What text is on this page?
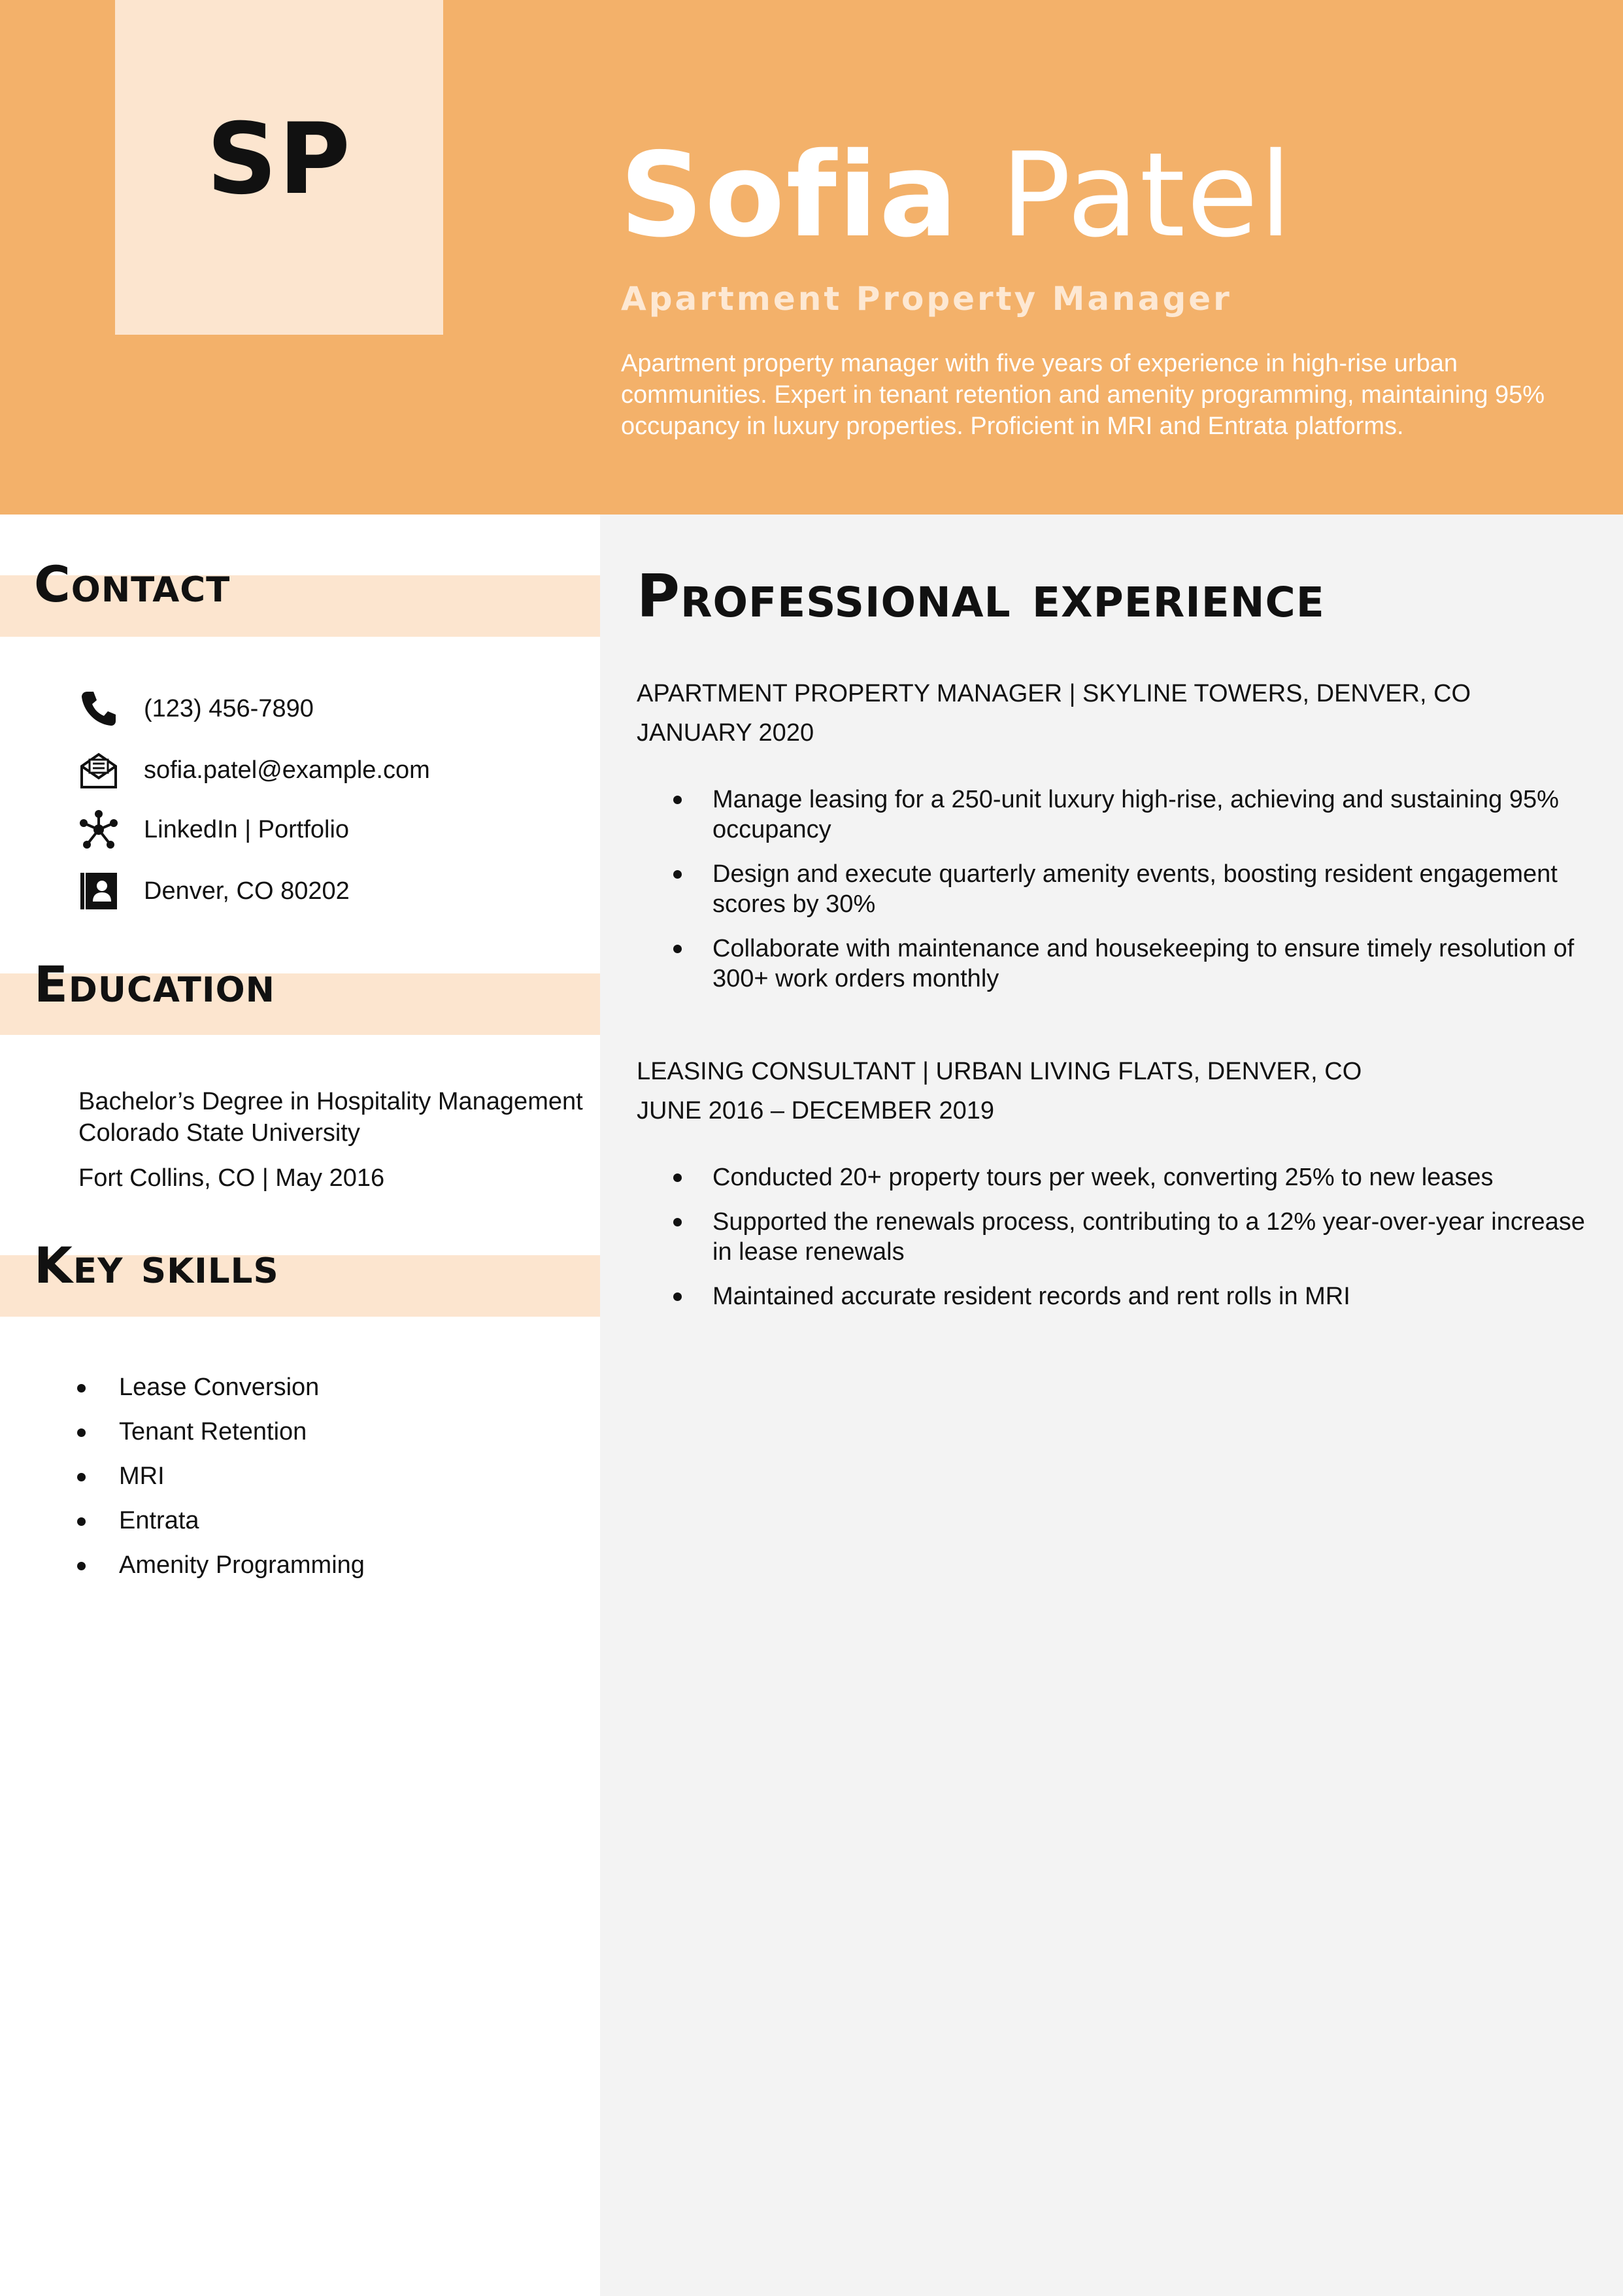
SP Sofia Patel
Apartment Property Manager
Apartment property manager with five years of experience in high-rise urban communities. Expert in tenant retention and amenity programming, maintaining 95% occupancy in luxury properties. Proficient in MRI and Entrata platforms.
Contact
(123) 456-7890
sofia.patel@example.com
LinkedIn | Portfolio
Denver, CO 80202
Education
Bachelor’s Degree in Hospitality Management Colorado State University
Fort Collins, CO | May 2016
Key skills
Lease Conversion
Tenant Retention
MRI
Entrata
Amenity Programming
Professional experience
APARTMENT PROPERTY MANAGER | SKYLINE TOWERS, DENVER, CO
JANUARY 2020
Manage leasing for a 250-unit luxury high-rise, achieving and sustaining 95% occupancy
Design and execute quarterly amenity events, boosting resident engagement scores by 30%
Collaborate with maintenance and housekeeping to ensure timely resolution of 300+ work orders monthly
LEASING CONSULTANT | URBAN LIVING FLATS, DENVER, CO
JUNE 2016 – DECEMBER 2019
Conducted 20+ property tours per week, converting 25% to new leases
Supported the renewals process, contributing to a 12% year-over-year increase in lease renewals
Maintained accurate resident records and rent rolls in MRI
